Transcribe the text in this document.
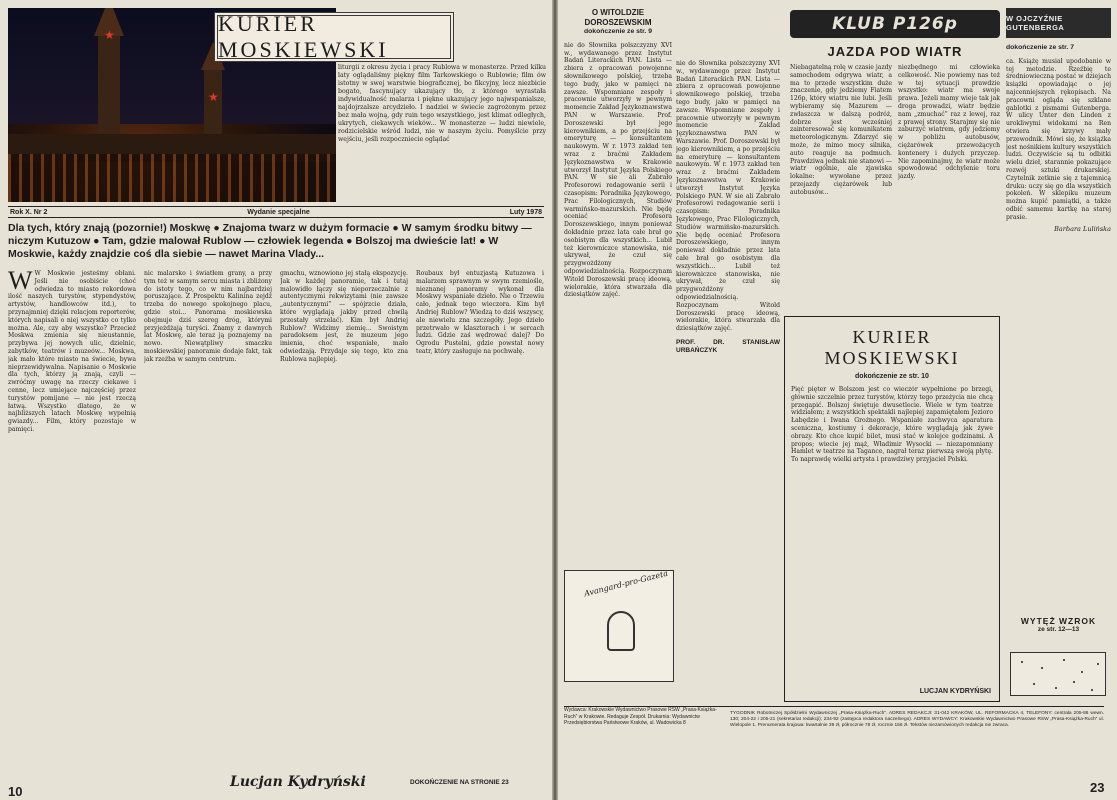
★
★
KURIER MOSKIEWSKI
liturgii z okresu życia i pracy Rublowa w monasterze. Przed kilku laty oglądaliśmy piękny film Tarkowskiego o Rublowie; film ów istotny w swej warstwie biograficznej, bo fikcyjny, lecz niezbicie bogato, fascynujący ukazujący tło, z którego wyrastała indywidualność malarza i piękne ukazujący jego najwspanialsze, najdojrzalsze arcydzieło. I nadziei w świecie zagrożonym przez bez mała wojną, gdy ruin tego wszystkiego, jest klimat odległych, ukrytych, ciekawych wieków... W monasterze — ludzi niewiele, rodzicielskie wśród ludzi, nie w naszym życiu. Pomyślcie przy wejściu, jeśli rozpoczniecie oglądać
Rok X. Nr 2	Wydanie specjalne	Luty 1978
Dla tych, który znają (pozornie!) Moskwę ● Znajoma twarz w dużym formacie ● W samym środku bitwy — niczym Kutuzow ● Tam, gdzie malował Rublow — człowiek legenda ● Bolszoj ma dwieście lat! ● W Moskwie, każdy znajdzie coś dla siebie — nawet Marina Vlady...
W W Moskwie jesteśmy obłani. Jeśli nie osobiście (choć odwiedza to miasto rekordowa ilość naszych turystów, stypendystów, artystów, handlowców itd.), to przynajmniej dzięki relacjom reporterów, których napisali o niej wszystko co tylko można. Ale, czy aby wszystko? Przecież Moskwa zmienia się nieustannie, przybywa jej nowych ulic, dzielnic, zabytków, teatrów i muzeów... Moskwa, jak mało które miasto na świecie, bywa nieprzewidywalna. Napisanie o Moskwie dla tych, którzy ją znają, czyli — zwróćmy uwagę na rzeczy ciekawe i cenne, lecz umiejące najczęściej przez turystów pomijane — nie jest rzeczą łatwą. Wszystko dlatego, że w najbliższych latach Moskwę wypełnią gwiazdy... Film, który pozostaje w pamięci.
nic malarsko i światłem grany, a przy tym też w samym sercu miasta i zbliżony do istoty tego, co w nim najbardziej poruszające. Z Prospektu Kalinina zejdź trzeba do nowego spokojnego placu, gdzie stoi... Panorama moskiewska obejmuje dziś szereg dróg, którymi przyjeżdżają turyści. Znamy z dawnych lat Moskwę, ale teraz ją poznajemy na nowo. Niewątpliwy smaczku moskiewskiej panoramie dodaje fakt, tak jak rzeźba w samym centrum.
gmachu, wznowiono jej stałą ekspozycję. Jak w każdej panoramie, tak i tutaj malowidło łączy się nieporzeczalnie z autentycznymi rekwizytami (nie zawsze „autentycznymi” — spójrzcie działa, które wyglądają jakby przed chwilą przestały strzelać). Kim był Andriej Rublow? Widzimy ziemię... Swoistym paradoksem jest, że muzeum jego imienia, choć wspaniałe, mało odwiedzają. Przydaje się tego, kto zna Rublowa najlepiej.
Roubaux był entuzjastą Kutuzowa i malarzem sprawnym w swym rzemiośle, nieznanej panoramy wykonał dla Moskwy wspaniałe dzieło. Nie o Trzewiu cało, jednak tego wieczora. Kim był Andriej Rublow? Wiedzą to dziś wszyscy, ale niewielu zna szczegóły. Jego dzieło przetrwało w klasztorach i w sercach ludzi. Gdzie zaś wędrować dalej? Do Ogrodu Pustelni, gdzie powstał nowy teatr, który zasługuje na pochwałę.
Lucjan Kydryński	DOKOŃCZENIE NA STRONIE 23
10
O WITOLDZIE DOROSZEWSKIM
dokończenie ze str. 9
nie do Słownika polszczyzny XVI w., wydawanego przez Instytut Badań Literackich PAN. Lista — zbiera z opracowań powojenne słownikowego polskiej, trzeba tego budy, jako w pamięci na zawsze. Wspomniane zespoły i pracownie utworzyły w pewnym momencie Zakład Językoznawstwa PAN w Warszawie. Prof. Doroszewski był jego kierownikiem, a po przejściu na emeryturę — konsultantem naukowym. W r. 1973 zakład ten wraz z braćmi Zakładem Językoznawstwa w Krakowie utworzył Instytut Języka Polskiego PAN. W sie ali Zabrało Profesorowi redagowanie serii i czasopism: Poradnika Językowego, Prac Filologicznych, Studiów warmińsko-mazurskich. Nie będę oceniać Profesora Doroszewskiego, innym ponieważ dokładnie przez lata całe brał go osobistym dla wszystkich... Lubił też kierowniczce stanowiska, nie ukrywał, że czuł się przygwożdżony odpowiedzialnością. Rozpoczynam Witold Doroszewski pracę ideową, wielorakie, która stwarzała dla dziesiątków zajęć.
nie do Słownika polszczyzny XVI w., wydawanego przez Instytut Badań Literackich PAN. Lista — zbiera z opracowań powojenne słownikowego polskiej, trzeba tego budy, jako w pamięci na zawsze. Wspomniane zespoły i pracownie utworzyły w pewnym momencie Zakład Językoznawstwa PAN w Warszawie. Prof. Doroszewski był jego kierownikiem, a po przejściu na emeryturę — konsultantem naukowym. W r. 1973 zakład ten wraz z braćmi Zakładem Językoznawstwa w Krakowie utworzył Instytut Języka Polskiego PAN. W sie ali Zabrało Profesorowi redagowanie serii i czasopism: Poradnika Językowego, Prac Filologicznych, Studiów warmińsko-mazurskich. Nie będę oceniać Profesora Doroszewskiego, innym ponieważ dokładnie przez lata całe brał go osobistym dla wszystkich... Lubił też kierowniczce stanowiska, nie ukrywał, że czuł się przygwożdżony odpowiedzialnością. Rozpoczynam Witold Doroszewski pracę ideową, wielorakie, która stwarzała dla dziesiątków zajęć.
PROF. DR. STANISŁAW URBAŃCZYK
KLUB P126p
JAZDA POD WIATR
Niebagatelną rolę w czasie jazdy samochodem odgrywa wiatr, a ma to przede wszystkim duże znaczenie, gdy jedziemy Fiatem 126p, który wiatru nie lubi. Jeśli wybieramy się Mazurem — zwłaszcza w dalszą podróż, dobrze jest wcześniej zainteresować się komunikatem meteorologicznym. Zdarzyć się może, że mimo mocy silnika, auto reaguje na podmuch. Prawdziwa jednak nie stanowi — wiatr ogólnie, ale zjawiska lokalne: wywołane przez przejazdy ciężarówek lub autobusów...
niezbędnego mi człowieka celkowość. Nie powiemy nas też w tej sytuacji prawdzie wszystko: wiatr ma swoje prawa. Jeżeli mamy wieje tak jak droga prowadzi, wiatr będzie nam „zmuchać” raz z lewej, raz z prawej strony. Starajmy się nie zaburzyć wiatrem, gdy jedziemy w pobliżu autobusów, ciężarówek przewożących kontenery i dużych przyczep. Nie zapominajmy, że wiatr może spowodować odchylenie toru jazdy.
W OJCZYŹNIE GUTENBERGA
dokończenie ze str. 7
ca. Książę musiał upodobanie w tej metodzie. Rzeźbię te średniowieczną postać w dziejach książki opowiadając o jej najcenniejszych rękopisach. Na pracowni ogląda się szklane gablotki z pismami Gutenberga. W ulicy Unter den Linden z urokliwymi widokami na Ren otwiera się krzywy mały przewodnik. Mówi się, że książka jest nośnikiem kultury wszystkich ludzi. Oczywiście są tu odbitki wielu dzieł, starannie pokazujące rozwój sztuki drukarskiej. Czytelnik zetknie się z tajemnicą druku: uczy się go dla wszystkich pokoleń. W sklepiku muzeum można kupić pamiątki, a także odbić samemu kartkę na starej prasie.
Barbara Lulińska
KURIER MOSKIEWSKI
dokończenie ze str. 10
Pięć pięter w Bolszom jest co wieczór wypełnione po brzegi, głównie szczelnie przez turystów, którzy tego przeżycia nie chcą przegapić. Bolszoj świętuje dwusetlecie. Wiele w tym teatrze widziałem; z wszystkich spektakli najlepiej zapamiętałem Jezioro Łabędzie i Iwana Groźnego. Wspaniałe zachwyca aparatura sceniczna, kostiumy i dekoracje, które wyglądają jak żywe obrazy. Kto chce kupić bilet, musi stać w kolejce godzinami. A propos; wiecie jej mąż, Władimir Wysocki — niezapomniany Hamlet w teatrze na Tagance, nagrał teraz pierwszą swoją płytę. To naprawdę wielki artysta i prawdziwy przyjaciel Polski.
LUCJAN KYDRYŃSKI
Avangard-pro-Gazeta
WYTĘŻ WZROK
ze str. 12—13
Wydawca: Krakowskie Wydawnictwo Prasowe RSW „Prasa-Książka-Ruch” w Krakowie. Redaguje Zespół. Drukarnia: Wydawnictw Przedsiębiorstwa Państwowe Kraków, ul. Wadowicka 8
TYGODNIK Robotniczej Spółdzielni Wydawniczej „Prasa-Książka-Ruch”. ADRES REDAKCJI: 31-042 KRAKÓW, UL. REFORMACKA 4, TELEFONY: centrala 205-86 wewn. 130; 204-22 i 205-21 (sekretariat redakcji); 234-92 (zastępca redaktora naczelnego). ADRES WYDAWCY: Krakowskie Wydawnictwo Prasowe RSW „Prasa-Książka-Ruch” ul. Wielopole 1. Prenumerata krajowa: kwartalnie 39 zł, półrocznie 78 zł, rocznie 156 zł. Tekstów niezamówionych redakcja nie zwraca.
23
